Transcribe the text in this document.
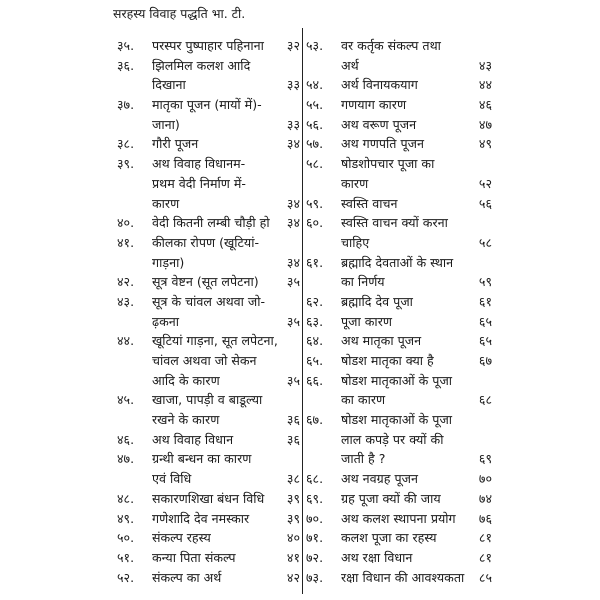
सरहस्य विवाह पद्धति भा. टी.
३५. परस्पर पुष्पाहार पहिनाना ३२
३६. झिलमिल कलश आदि
दिखाना	३३
३७. मातृका पूजन (मायों में)-
जाना)	३३
३८. गौरी पूजन	३४
३९. अथ विवाह विधानम-
प्रथम वेदी निर्माण में-
कारण	३४
४०. वेदी कितनी लम्बी चौड़ी हो ३४
४१. कीलका रोपण (खूटियां-
गाड़ना)	३४
४२. सूत्र वेष्टन (सूत लपेटना) ३५
४३. सूत्र के चांवल अथवा जो-
ढ़कना	३५
४४. खूटियां गाड़ना, सूत लपेटना,
चांवल अथवा जो सेकन
आदि के कारण	३५
४५. खाजा, पापड़ी व बाडूल्या
रखने के कारण	३६
४६. अथ विवाह विधान	३६
४७. ग्रन्थी बन्धन का कारण
एवं विधि	३८
४८. सकारणशिखा बंधन विधि ३९
४९. गणेशादि देव नमस्कार	३९
५०. संकल्प रहस्य	४०
५१. कन्या पिता संकल्प	४१
५२. संकल्प का अर्थ	४२
५३. वर कर्तृक संकल्प तथा
अर्थ	४३
५४. अर्थ विनायकयाग	४४
५५. गणयाग कारण	४६
५६. अथ वरूण पूजन	४७
५७. अथ गणपति पूजन	४९
५८. षोडशोपचार पूजा का
कारण	५२
५९. स्वस्ति वाचन	५६
६०. स्वस्ति वाचन क्यों करना
चाहिए	५८
६१. ब्रह्मादि देवताओं के स्थान
का निर्णय	५९
६२. ब्रह्मादि देव पूजा	६१
६३. पूजा कारण	६५
६४. अथ मातृका पूजन	६५
६५. षोडश मातृका क्या है	६७
६६. षोडश मातृकाओं के पूजा
का कारण	६८
६७. षोडश मातृकाओं के पूजा
लाल कपड़े पर क्यों की
जाती है ?	६९
६८. अथ नवग्रह पूजन	७०
६९. ग्रह पूजा क्यों की जाय	७४
७०. अथ कलश स्थापना प्रयोग ७६
७१. कलश पूजा का रहस्य	८१
७२. अथ रक्षा विधान	८१
७३. रक्षा विधान की आवश्यकता ८५
